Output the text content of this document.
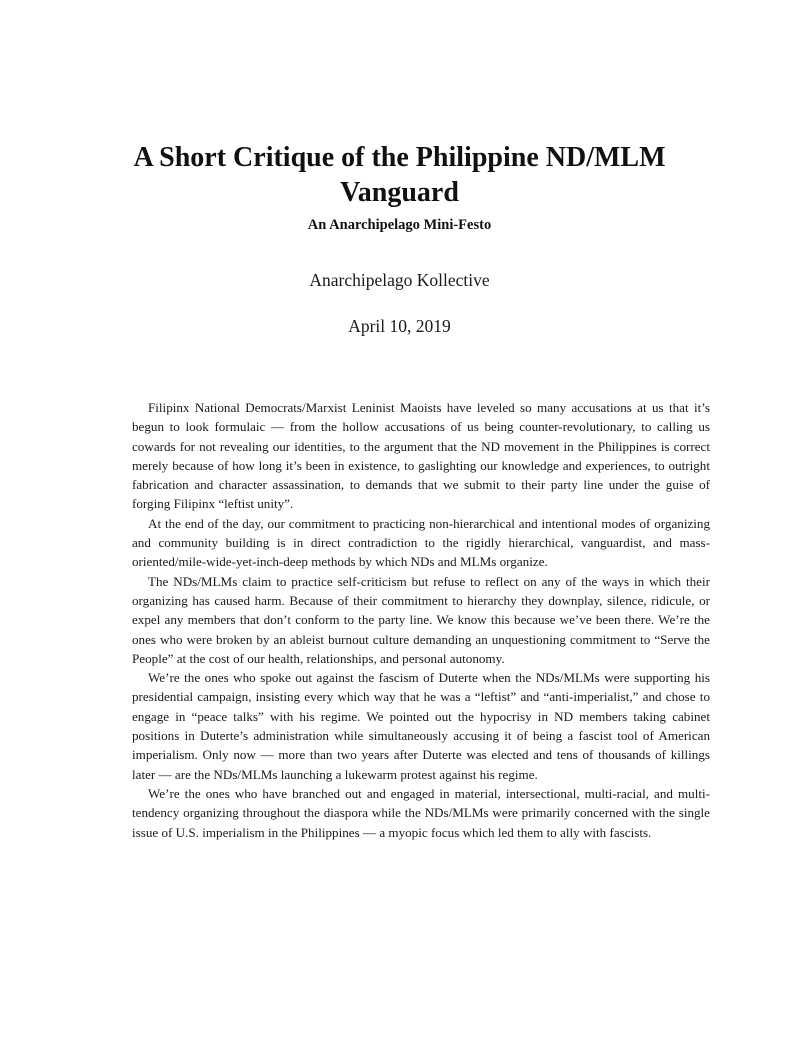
A Short Critique of the Philippine ND/MLM Vanguard
An Anarchipelago Mini-Festo
Anarchipelago Kollective
April 10, 2019

Filipinx National Democrats/Marxist Leninist Maoists have leveled so many accusations at us that it’s begun to look formulaic — from the hollow accusations of us being counter-revolutionary, to calling us cowards for not revealing our identities, to the argument that the ND movement in the Philippines is correct merely because of how long it’s been in existence, to gaslighting our knowledge and experiences, to outright fabrication and character assassination, to demands that we submit to their party line under the guise of forging Filipinx “leftist unity”.

At the end of the day, our commitment to practicing non-hierarchical and intentional modes of organizing and community building is in direct contradiction to the rigidly hierarchical, vanguardist, and mass-oriented/mile-wide-yet-inch-deep methods by which NDs and MLMs organize.

The NDs/MLMs claim to practice self-criticism but refuse to reflect on any of the ways in which their organizing has caused harm. Because of their commitment to hierarchy they downplay, silence, ridicule, or expel any members that don’t conform to the party line. We know this because we’ve been there. We’re the ones who were broken by an ableist burnout culture demanding an unquestioning commitment to “Serve the People” at the cost of our health, relationships, and personal autonomy.

We’re the ones who spoke out against the fascism of Duterte when the NDs/MLMs were supporting his presidential campaign, insisting every which way that he was a “leftist” and “anti-imperialist,” and chose to engage in “peace talks” with his regime. We pointed out the hypocrisy in ND members taking cabinet positions in Duterte’s administration while simultaneously accusing it of being a fascist tool of American imperialism. Only now — more than two years after Duterte was elected and tens of thousands of killings later — are the NDs/MLMs launching a lukewarm protest against his regime.

We’re the ones who have branched out and engaged in material, intersectional, multi-racial, and multi-tendency organizing throughout the diaspora while the NDs/MLMs were primarily concerned with the single issue of U.S. imperialism in the Philippines — a myopic focus which led them to ally with fascists.
